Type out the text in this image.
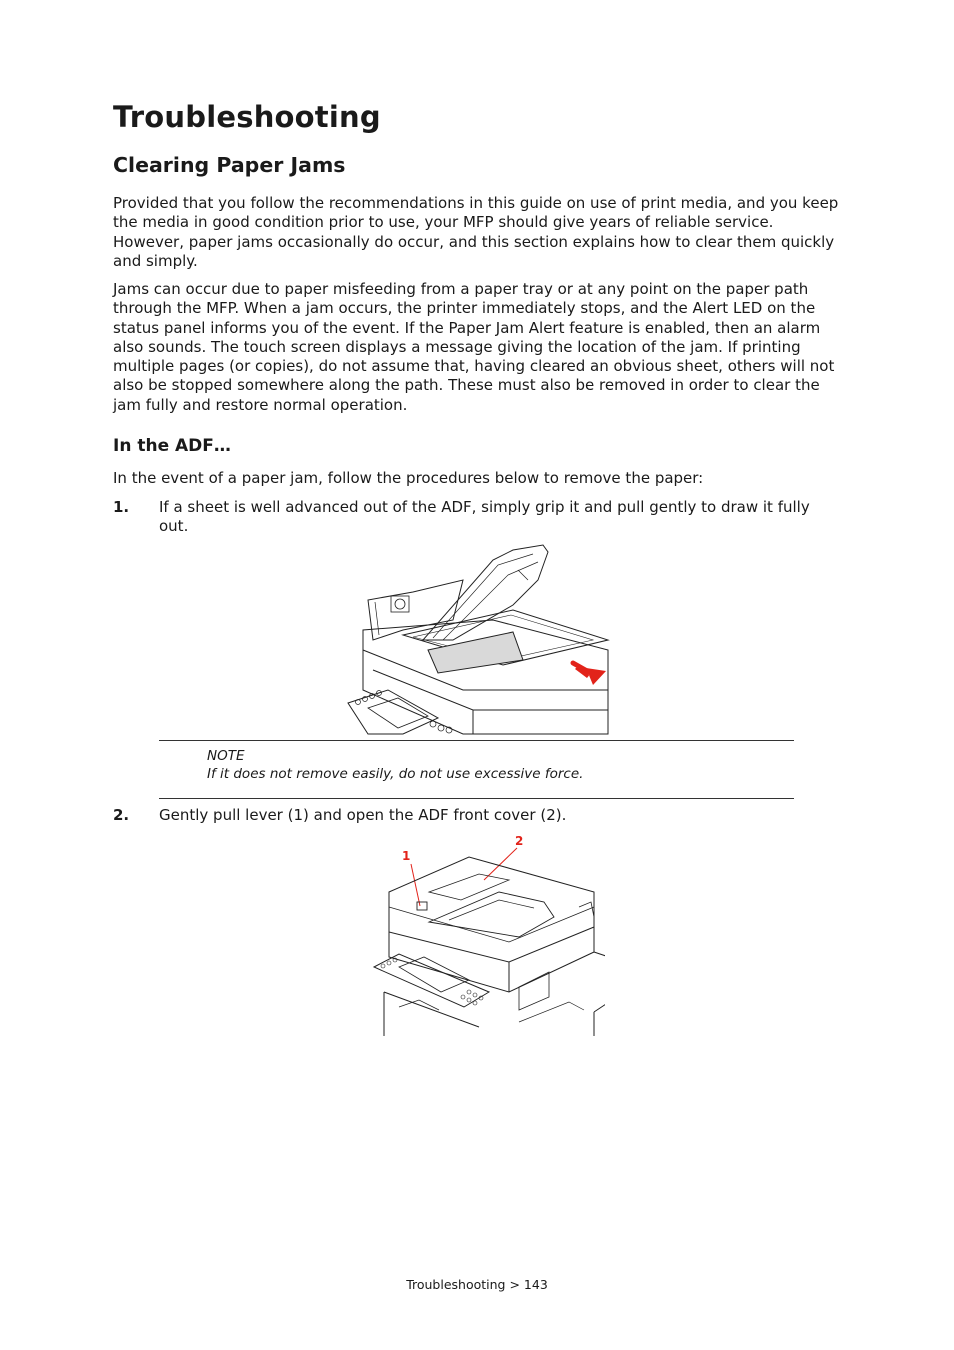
Troubleshooting
Clearing Paper Jams

Provided that you follow the recommendations in this guide on use of print media, and you keep the media in good condition prior to use, your MFP should give years of reliable service. However, paper jams occasionally do occur, and this section explains how to clear them quickly and simply.

Jams can occur due to paper misfeeding from a paper tray or at any point on the paper path through the MFP. When a jam occurs, the printer immediately stops, and the Alert LED on the status panel informs you of the event. If the Paper Jam Alert feature is enabled, then an alarm also sounds. The touch screen displays a message giving the location of the jam. If printing multiple pages (or copies), do not assume that, having cleared an obvious sheet, others will not also be stopped somewhere along the path. These must also be removed in order to clear the jam fully and restore normal operation.

In the ADF…

In the event of a paper jam, follow the procedures below to remove the paper:

1. If a sheet is well advanced out of the ADF, simply grip it and pull gently to draw it fully out.
NOTE
If it does not remove easily, do not use excessive force.
2. Gently pull lever (1) and open the ADF front cover (2).
1
2
Troubleshooting > 143
